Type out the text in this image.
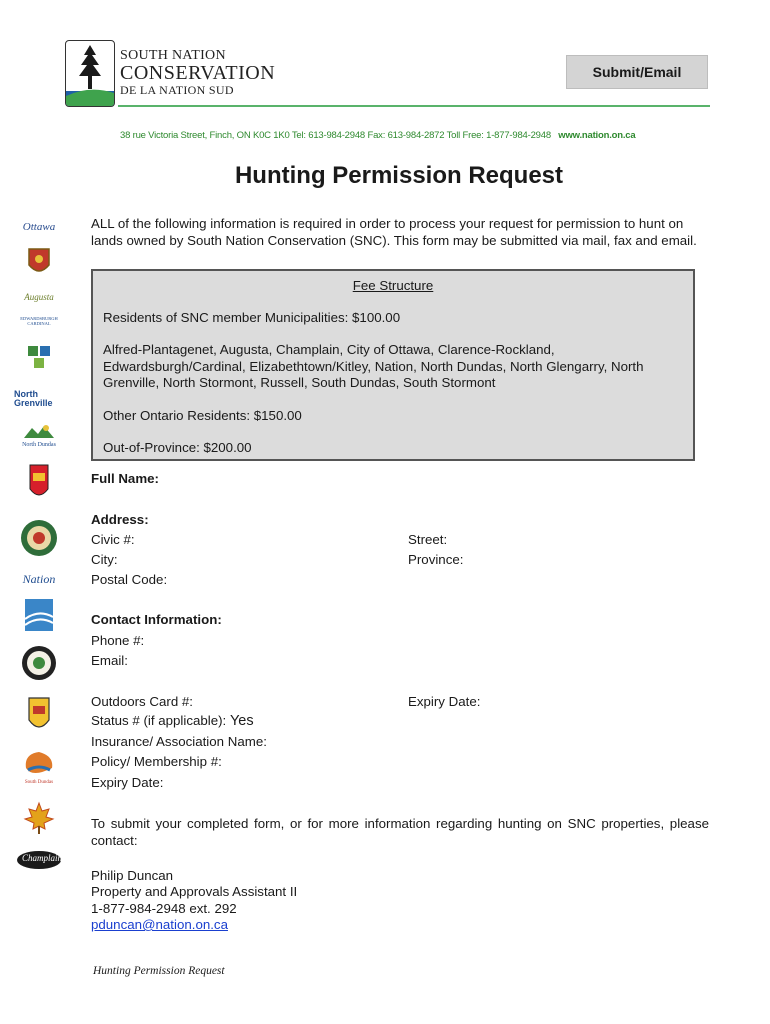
SOUTH NATION
CONSERVATION
DE LA NATION SUD
Submit/Email
38 rue Victoria Street, Finch, ON K0C 1K0 Tel: 613-984-2948 Fax: 613-984-2872 Toll Free: 1-877-984-2948 www.nation.on.ca
Hunting Permission Request
ALL of the following information is required in order to process your request for permission to hunt on lands owned by South Nation Conservation (SNC). This form may be submitted via mail, fax and email.
Fee Structure
Residents of SNC member Municipalities: $100.00
Alfred-Plantagenet, Augusta, Champlain, City of Ottawa, Clarence-Rockland, Edwardsburgh/Cardinal, Elizabethtown/Kitley, Nation, North Dundas, North Glengarry, North Grenville, North Stormont, Russell, South Dundas, South Stormont
Other Ontario Residents: $150.00
Out-of-Province: $200.00
Full Name:
Address:
Civic #:	Street:
City:	Province:
Postal Code:
Contact Information:
Phone #:
Email:
Outdoors Card #:	Expiry Date:
Status # (if applicable): Yes
Insurance/ Association Name:
Policy/ Membership #:
Expiry Date:
To submit your completed form, or for more information regarding hunting on SNC properties, please contact:
Philip Duncan
Property and Approvals Assistant II
1-877-984-2948 ext. 292
pduncan@nation.on.ca
Hunting Permission Request
Ottawa
Augusta
EDWARDSBURGH CARDINAL
North Grenville
North Dundas
Nation
South Dundas
Champlain
